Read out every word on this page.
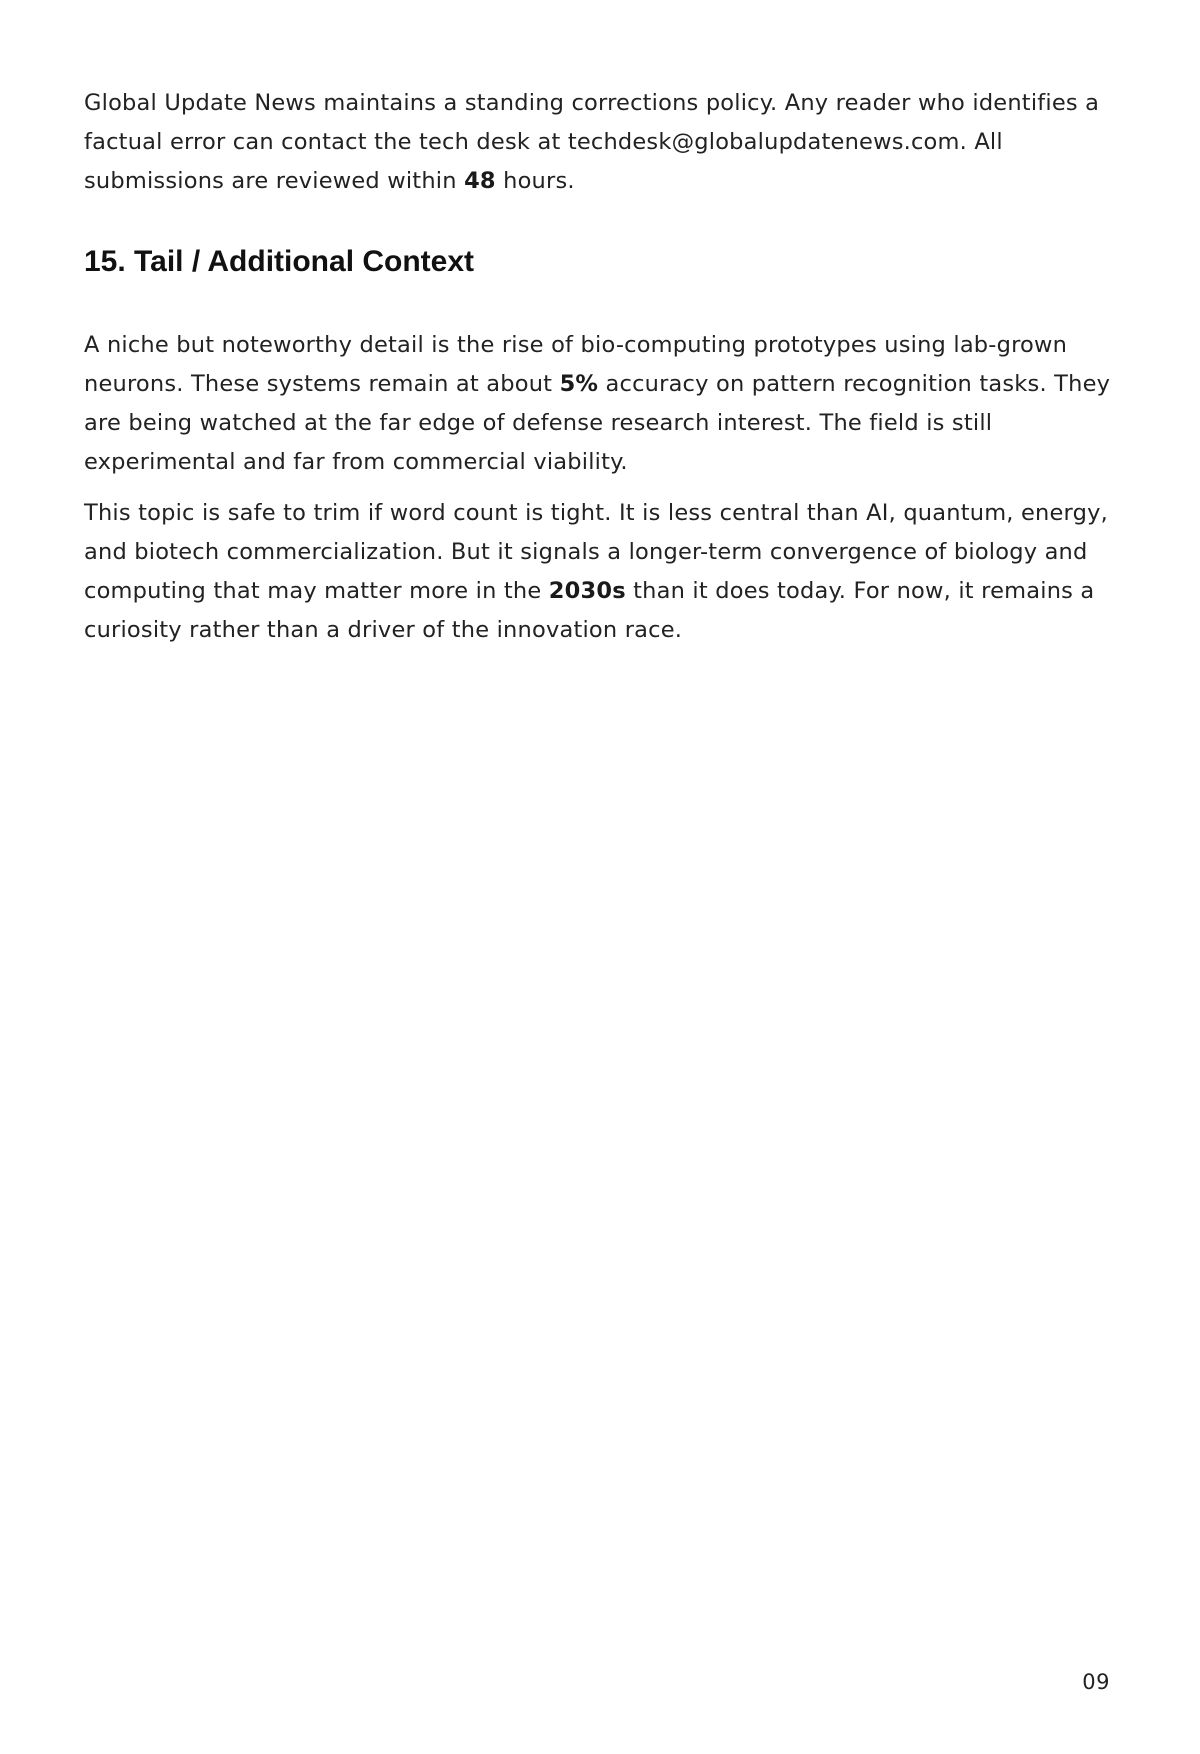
Global Update News maintains a standing corrections policy. Any reader who identifies a factual error can contact the tech desk at techdesk@globalupdatenews.com. All submissions are reviewed within 48 hours.

15. Tail / Additional Context

A niche but noteworthy detail is the rise of bio-computing prototypes using lab-grown neurons. These systems remain at about 5% accuracy on pattern recognition tasks. They are being watched at the far edge of defense research interest. The field is still experimental and far from commercial viability.

This topic is safe to trim if word count is tight. It is less central than AI, quantum, energy, and biotech commercialization. But it signals a longer-term convergence of biology and computing that may matter more in the 2030s than it does today. For now, it remains a curiosity rather than a driver of the innovation race.

09
